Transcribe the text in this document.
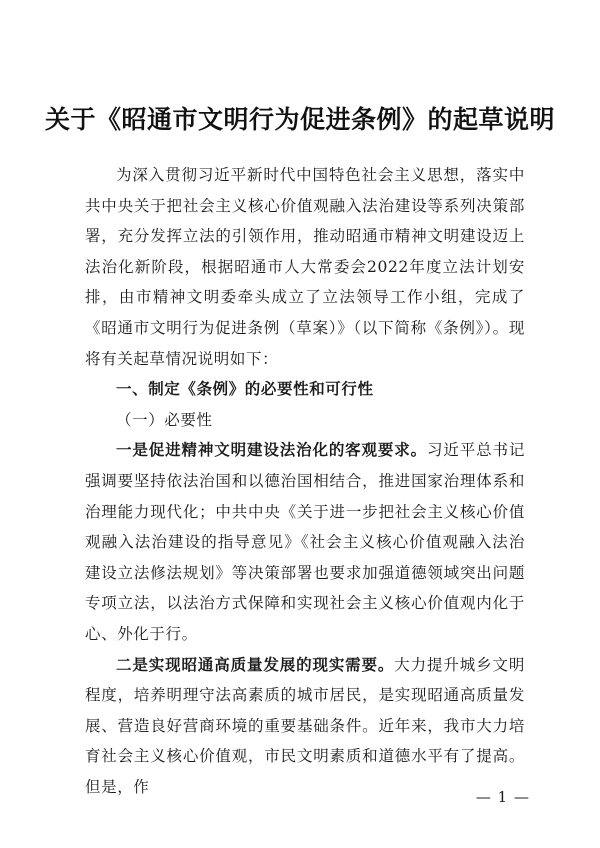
关于《昭通市文明行为促进条例》的起草说明

为深入贯彻习近平新时代中国特色社会主义思想，落实中共中央关于把社会主义核心价值观融入法治建设等系列决策部署，充分发挥立法的引领作用，推动昭通市精神文明建设迈上法治化新阶段，根据昭通市人大常委会2022年度立法计划安排，由市精神文明委牵头成立了立法领导工作小组，完成了《昭通市文明行为促进条例（草案）》（以下简称《条例》）。现将有关起草情况说明如下：

一、制定《条例》的必要性和可行性

（一）必要性

一是促进精神文明建设法治化的客观要求。习近平总书记强调要坚持依法治国和以德治国相结合，推进国家治理体系和治理能力现代化；中共中央《关于进一步把社会主义核心价值观融入法治建设的指导意见》《社会主义核心价值观融入法治建设立法修法规划》等决策部署也要求加强道德领域突出问题专项立法，以法治方式保障和实现社会主义核心价值观内化于心、外化于行。

二是实现昭通高质量发展的现实需要。大力提升城乡文明程度，培养明理守法高素质的城市居民，是实现昭通高质量发展、营造良好营商环境的重要基础条件。近年来，我市大力培育社会主义核心价值观，市民文明素质和道德水平有了提高。但是，作

— 1 —
